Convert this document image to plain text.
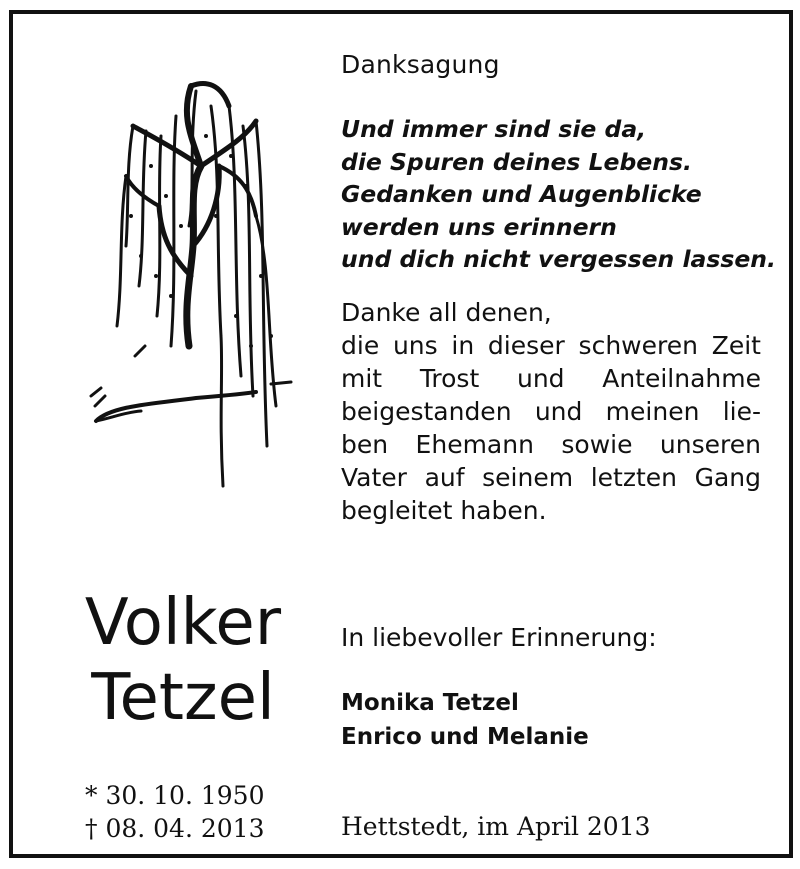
Danksagung
Und immer sind sie da,
die Spuren deines Lebens.
Gedanken und Augenblicke
werden uns erinnern
und dich nicht vergessen lassen.
Danke all denen,
die uns in dieser schweren Zeit
mit Trost und Anteilnahme
beigestanden und meinen lie-
ben Ehemann sowie unseren
Vater auf seinem letzten Gang
begleitet haben.
Volker
Tetzel
In liebevoller Erinnerung:
Monika Tetzel
Enrico und Melanie
* 30. 10. 1950
† 08. 04. 2013	Hettstedt, im April 2013
